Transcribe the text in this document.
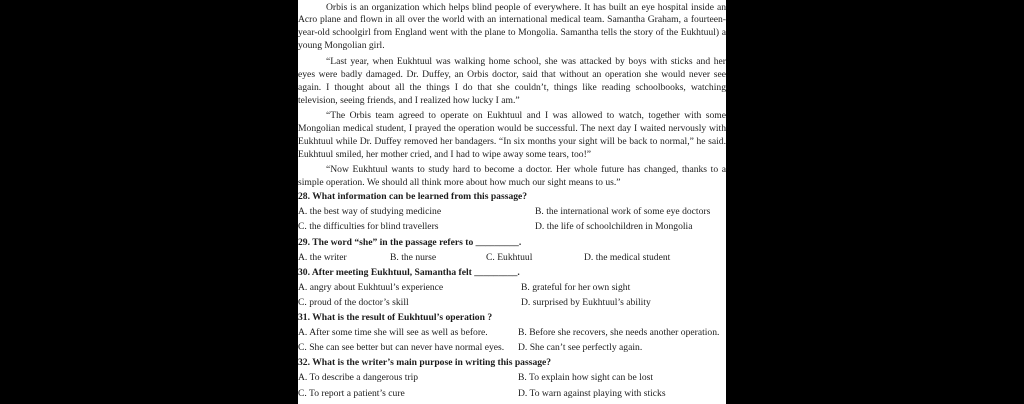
Orbis is an organization which helps blind people of everywhere. It has built an eye hospital inside an
Acro plane and flown in all over the world with an international medical team. Samantha Graham, a fourteen-
year-old schoolgirl from England went with the plane to Mongolia. Samantha tells the story of the Eukhtuul) a
young Mongolian girl.
“Last year, when Eukhtuul was walking home school, she was attacked by boys with sticks and her
eyes were badly damaged. Dr. Duffey, an Orbis doctor, said that without an operation she would never see
again. I thought about all the things I do that she couldn’t, things like reading schoolbooks, watching
television, seeing friends, and I realized how lucky I am.”
“The Orbis team agreed to operate on Eukhtuul and I was allowed to watch, together with some
Mongolian medical student, I prayed the operation would be successful. The next day I waited nervously with
Eukhtuul while Dr. Duffey removed her bandagers. “In six months your sight will be back to normal,” he said.
Eukhtuul smiled, her mother cried, and I had to wipe away some tears, too!”
“Now Eukhtuul wants to study hard to become a doctor. Her whole future has changed, thanks to a
simple operation. We should all think more about how much our sight means to us.”
28. What information can be learned from this passage?
A. the best way of studying medicine	B. the international work of some eye doctors
C. the difficulties for blind travellers	D. the life of schoolchildren in Mongolia
29. The word “she” in the passage refers to _________.
A. the writer	B. the nurse	C. Eukhtuul	D. the medical student
30. After meeting Eukhtuul, Samantha felt _________.
A. angry about Eukhtuul’s experience	B. grateful for her own sight
C. proud of the doctor’s skill	D. surprised by Eukhtuul’s ability
31. What is the result of Eukhtuul’s operation ?
A. After some time she will see as well as before.	B. Before she recovers, she needs another operation.
C. She can see better but can never have normal eyes. D. She can’t see perfectly again.
32. What is the writer’s main purpose in writing this passage?
A. To describe a dangerous trip	B. To explain how sight can be lost
C. To report a patient’s cure	D. To warn against playing with sticks
